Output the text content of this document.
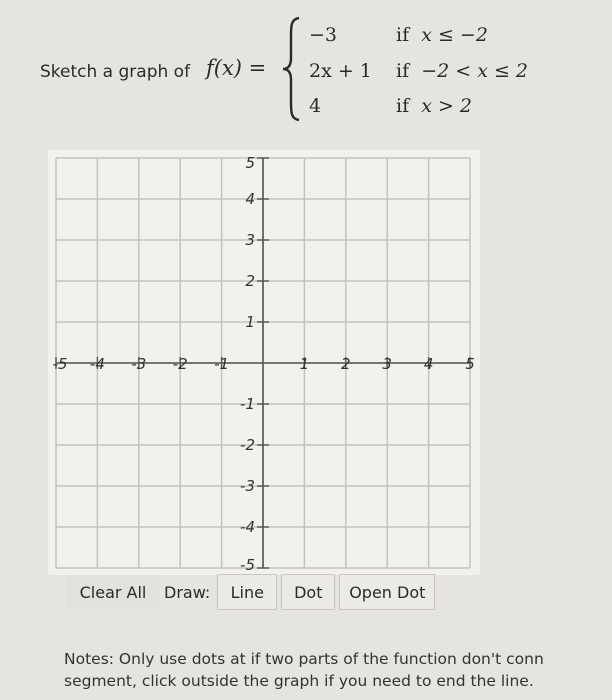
Sketch a graph of f(x) =
−3	if x ≤ −2
2x + 1 if −2 < x ≤ 2
4	if x > 2
-5 -4 -3 -2 -1	1 2 3 4 5
5
4
3
2
1
-1
-2
-3
-4
-5
Clear All	Draw:	Line	Dot	Open Dot
Notes: Only use dots at if two parts of the function don't conn
segment, click outside the graph if you need to end the line.
